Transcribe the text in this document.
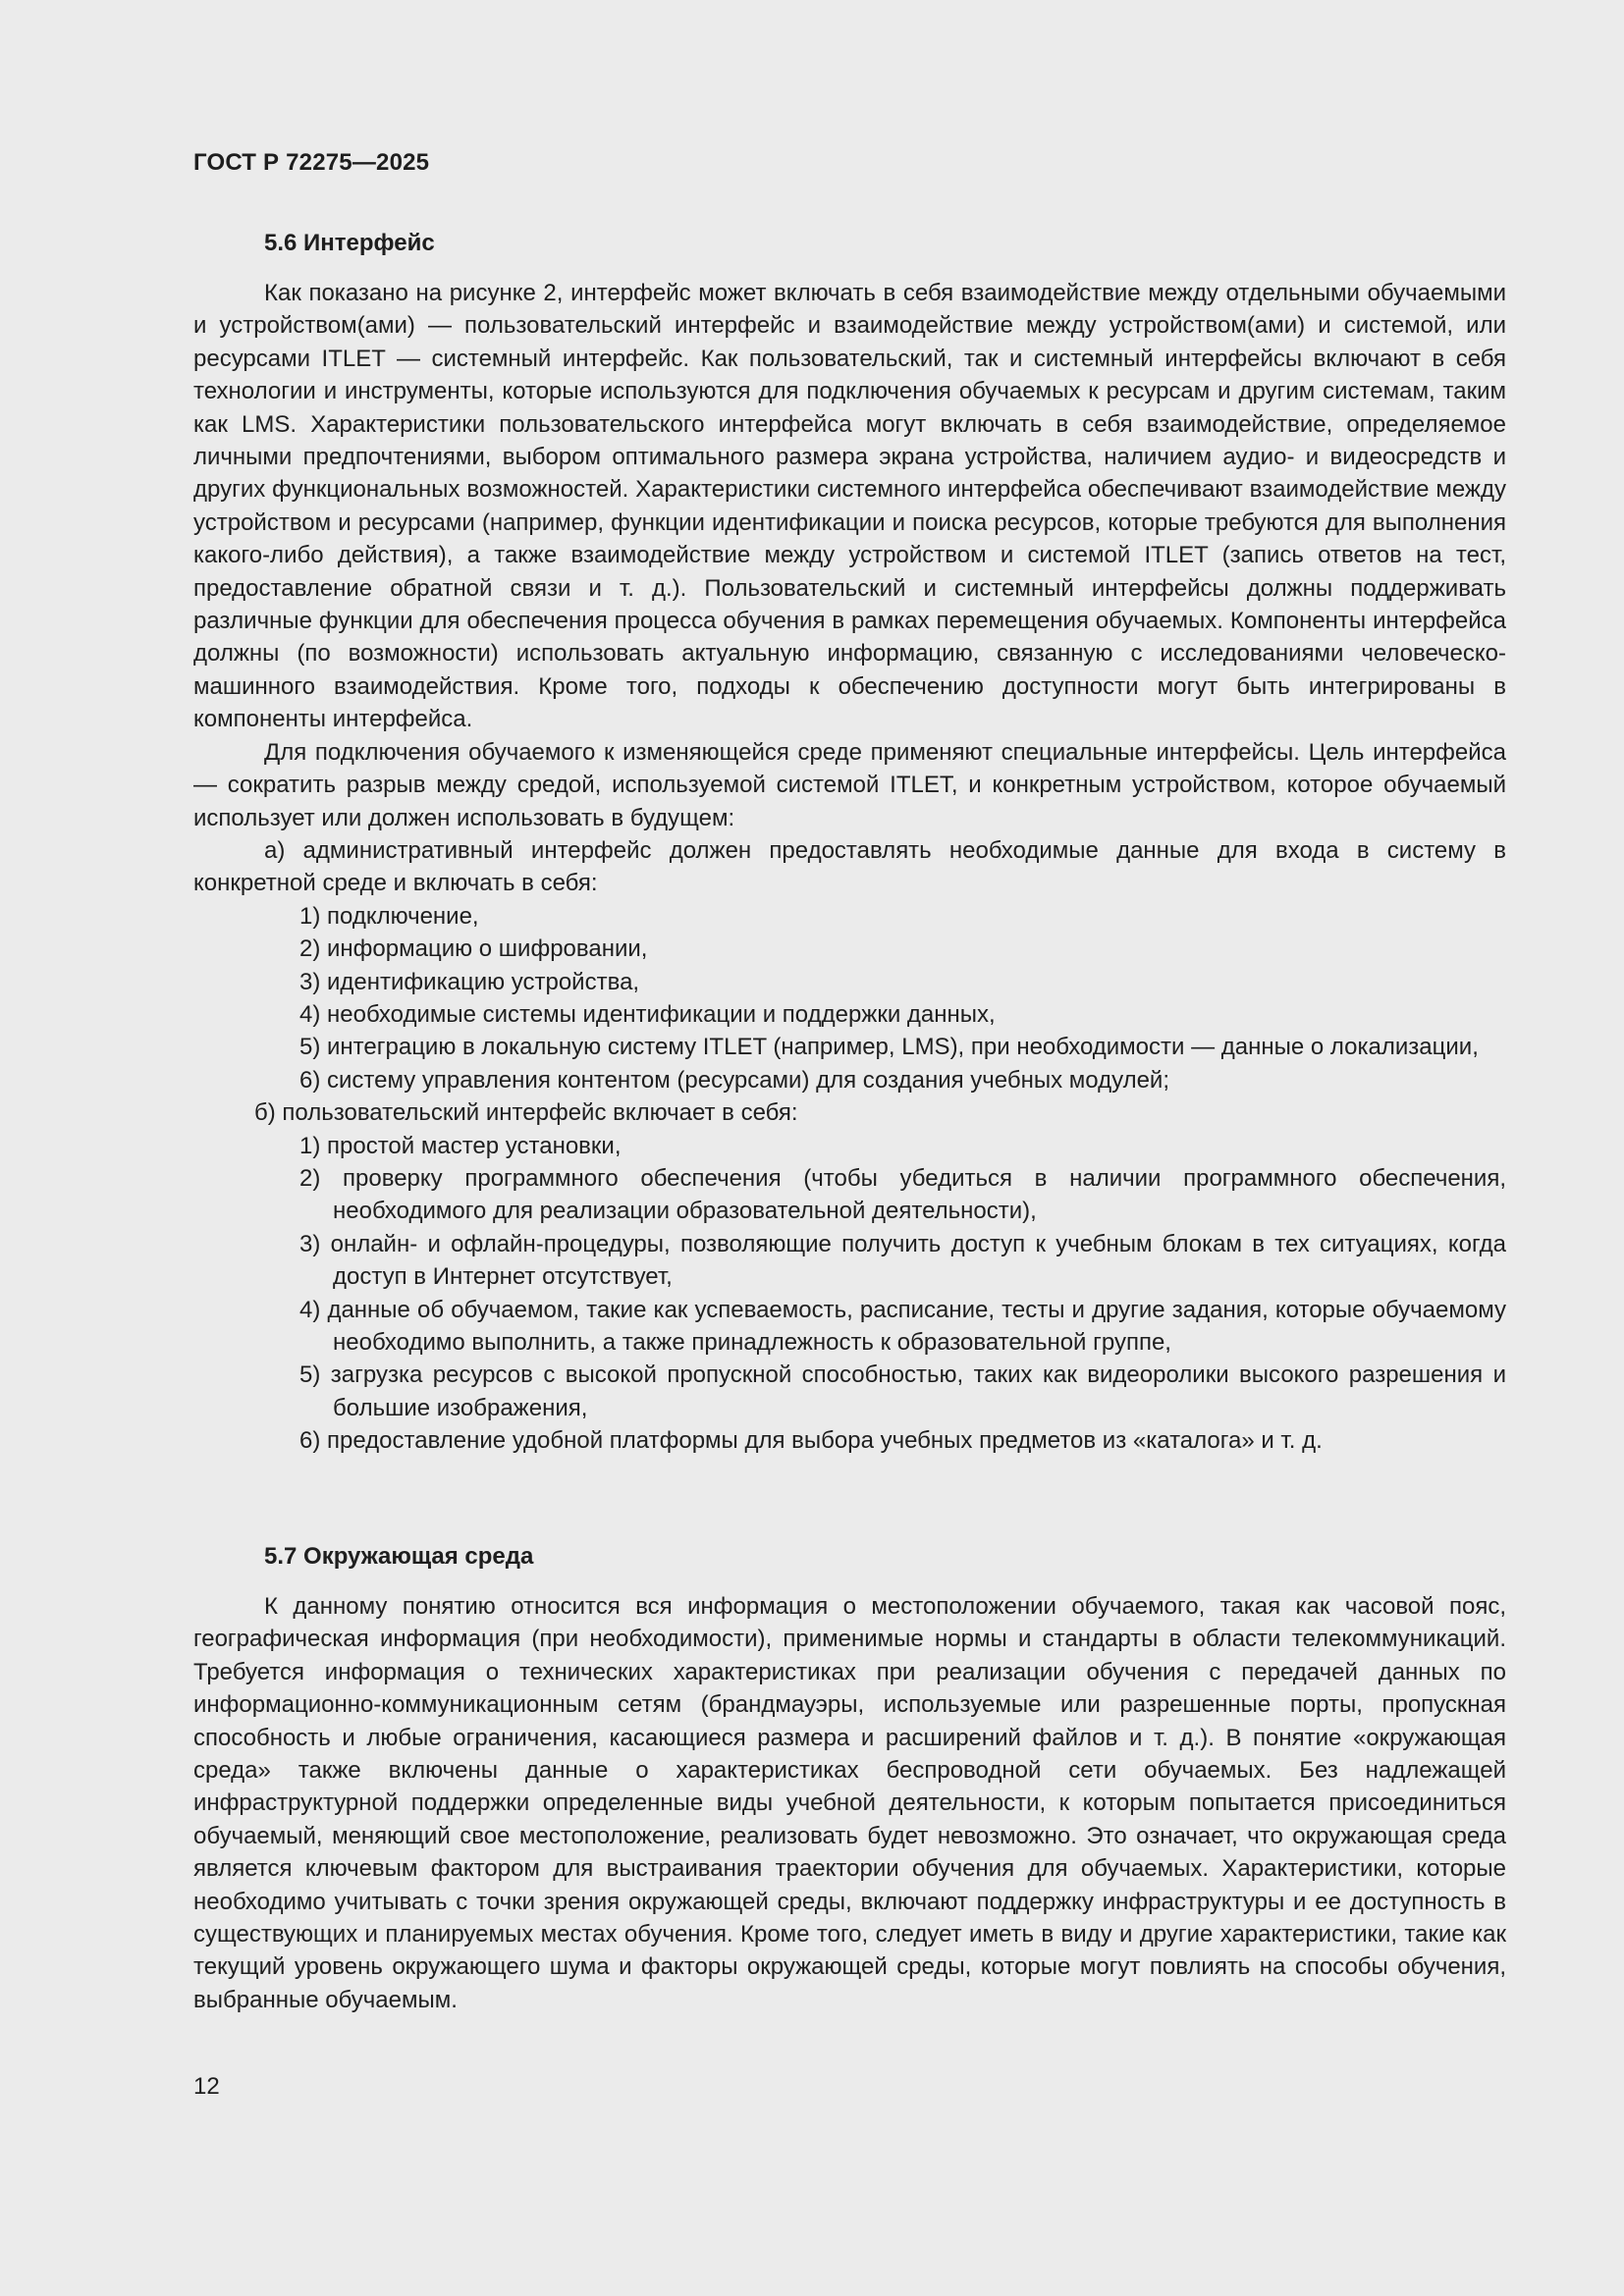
ГОСТ Р 72275—2025
5.6 Интерфейс

Как показано на рисунке 2, интерфейс может включать в себя взаимодействие между отдельными обучаемыми и устройством(ами) — пользовательский интерфейс и взаимодействие между устройством(ами) и системой, или ресурсами ITLET — системный интерфейс. Как пользовательский, так и системный интерфейсы включают в себя технологии и инструменты, которые используются для подключения обучаемых к ресурсам и другим системам, таким как LMS. Характеристики пользовательского интерфейса могут включать в себя взаимодействие, определяемое личными предпочтениями, выбором оптимального размера экрана устройства, наличием аудио- и видеосредств и других функциональных возможностей. Характеристики системного интерфейса обеспечивают взаимодействие между устройством и ресурсами (например, функции идентификации и поиска ресурсов, которые требуются для выполнения какого-либо действия), а также взаимодействие между устройством и системой ITLET (запись ответов на тест, предоставление обратной связи и т. д.). Пользовательский и системный интерфейсы должны поддерживать различные функции для обеспечения процесса обучения в рамках перемещения обучаемых. Компоненты интерфейса должны (по возможности) использовать актуальную информацию, связанную с исследованиями человеческо-машинного взаимодействия. Кроме того, подходы к обеспечению доступности могут быть интегрированы в компоненты интерфейса.

Для подключения обучаемого к изменяющейся среде применяют специальные интерфейсы. Цель интерфейса — сократить разрыв между средой, используемой системой ITLET, и конкретным устройством, которое обучаемый использует или должен использовать в будущем:

а) административный интерфейс должен предоставлять необходимые данные для входа в систему в конкретной среде и включать в себя:

1) подключение,
2) информацию о шифровании,
3) идентификацию устройства,
4) необходимые системы идентификации и поддержки данных,
5) интеграцию в локальную систему ITLET (например, LMS), при необходимости — данные о локализации,
6) систему управления контентом (ресурсами) для создания учебных модулей;

б) пользовательский интерфейс включает в себя:

1) простой мастер установки,
2) проверку программного обеспечения (чтобы убедиться в наличии программного обеспечения, необходимого для реализации образовательной деятельности),
3) онлайн- и офлайн-процедуры, позволяющие получить доступ к учебным блокам в тех ситуациях, когда доступ в Интернет отсутствует,
4) данные об обучаемом, такие как успеваемость, расписание, тесты и другие задания, которые обучаемому необходимо выполнить, а также принадлежность к образовательной группе,
5) загрузка ресурсов с высокой пропускной способностью, таких как видеоролики высокого разрешения и большие изображения,
6) предоставление удобной платформы для выбора учебных предметов из «каталога» и т. д.
5.7 Окружающая среда

К данному понятию относится вся информация о местоположении обучаемого, такая как часовой пояс, географическая информация (при необходимости), применимые нормы и стандарты в области телекоммуникаций. Требуется информация о технических характеристиках при реализации обучения с передачей данных по информационно-коммуникационным сетям (брандмауэры, используемые или разрешенные порты, пропускная способность и любые ограничения, касающиеся размера и расширений файлов и т. д.). В понятие «окружающая среда» также включены данные о характеристиках беспроводной сети обучаемых. Без надлежащей инфраструктурной поддержки определенные виды учебной деятельности, к которым попытается присоединиться обучаемый, меняющий свое местоположение, реализовать будет невозможно. Это означает, что окружающая среда является ключевым фактором для выстраивания траектории обучения для обучаемых. Характеристики, которые необходимо учитывать с точки зрения окружающей среды, включают поддержку инфраструктуры и ее доступность в существующих и планируемых местах обучения. Кроме того, следует иметь в виду и другие характеристики, такие как текущий уровень окружающего шума и факторы окружающей среды, которые могут повлиять на способы обучения, выбранные обучаемым.

12
